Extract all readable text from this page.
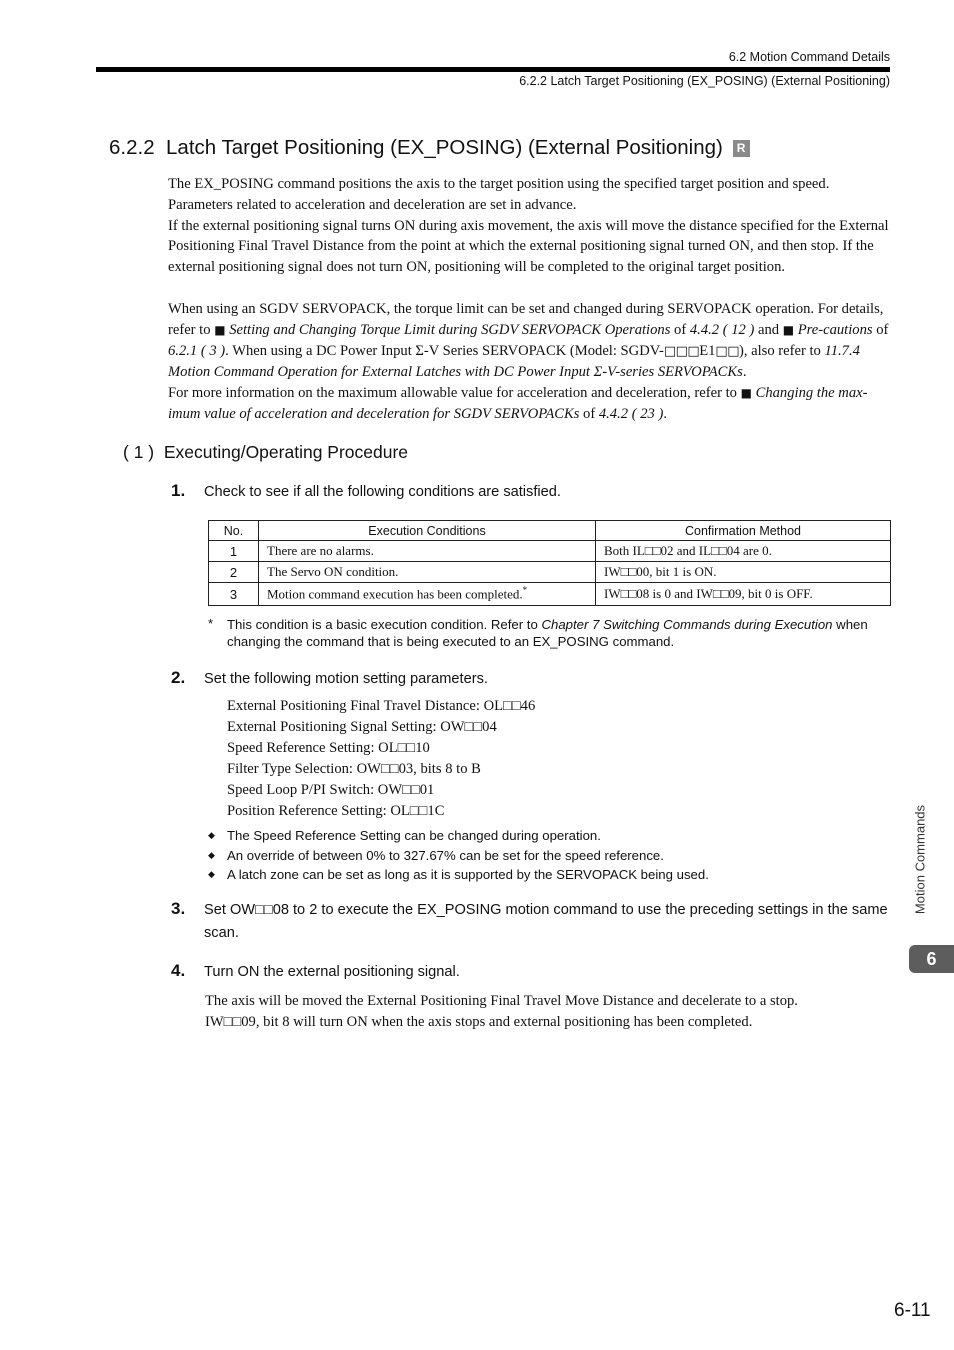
6.2 Motion Command Details
6.2.2 Latch Target Positioning (EX_POSING) (External Positioning)
6.2.2 Latch Target Positioning (EX_POSING) (External Positioning) R
The EX_POSING command positions the axis to the target position using the specified target position and speed. Parameters related to acceleration and deceleration are set in advance.
If the external positioning signal turns ON during axis movement, the axis will move the distance specified for the External Positioning Final Travel Distance from the point at which the external positioning signal turned ON, and then stop. If the external positioning signal does not turn ON, positioning will be completed to the original target position.
When using an SGDV SERVOPACK, the torque limit can be set and changed during SERVOPACK operation. For details, refer to ■ Setting and Changing Torque Limit during SGDV SERVOPACK Operations of 4.4.2 ( 12 ) and ■ Pre-cautions of 6.2.1 ( 3 ). When using a DC Power Input Σ-V Series SERVOPACK (Model: SGDV-□□□E1□□), also refer to 11.7.4 Motion Command Operation for External Latches with DC Power Input Σ-V-series SERVOPACKs.
For more information on the maximum allowable value for acceleration and deceleration, refer to ■ Changing the max-imum value of acceleration and deceleration for SGDV SERVOPACKs of 4.4.2 ( 23 ).
( 1 ) Executing/Operating Procedure
1. Check to see if all the following conditions are satisfied.
No.	Execution Conditions	Confirmation Method
1	There are no alarms.	Both IL□□02 and IL□□04 are 0.
2	The Servo ON condition.	IW□□00, bit 1 is ON.
3	Motion command execution has been completed.*	IW□□08 is 0 and IW□□09, bit 0 is OFF.
* This condition is a basic execution condition. Refer to Chapter 7 Switching Commands during Execution when changing the command that is being executed to an EX_POSING command.
2. Set the following motion setting parameters.
External Positioning Final Travel Distance: OL□□46
External Positioning Signal Setting: OW□□04
Speed Reference Setting: OL□□10
Filter Type Selection: OW□□03, bits 8 to B
Speed Loop P/PI Switch: OW□□01
Position Reference Setting: OL□□1C
◆ The Speed Reference Setting can be changed during operation.
◆ An override of between 0% to 327.67% can be set for the speed reference.
◆ A latch zone can be set as long as it is supported by the SERVOPACK being used.
3. Set OW□□08 to 2 to execute the EX_POSING motion command to use the preceding settings in the same scan.
4. Turn ON the external positioning signal.
The axis will be moved the External Positioning Final Travel Move Distance and decelerate to a stop.
IW□□09, bit 8 will turn ON when the axis stops and external positioning has been completed.
Motion Commands
6
6-11
